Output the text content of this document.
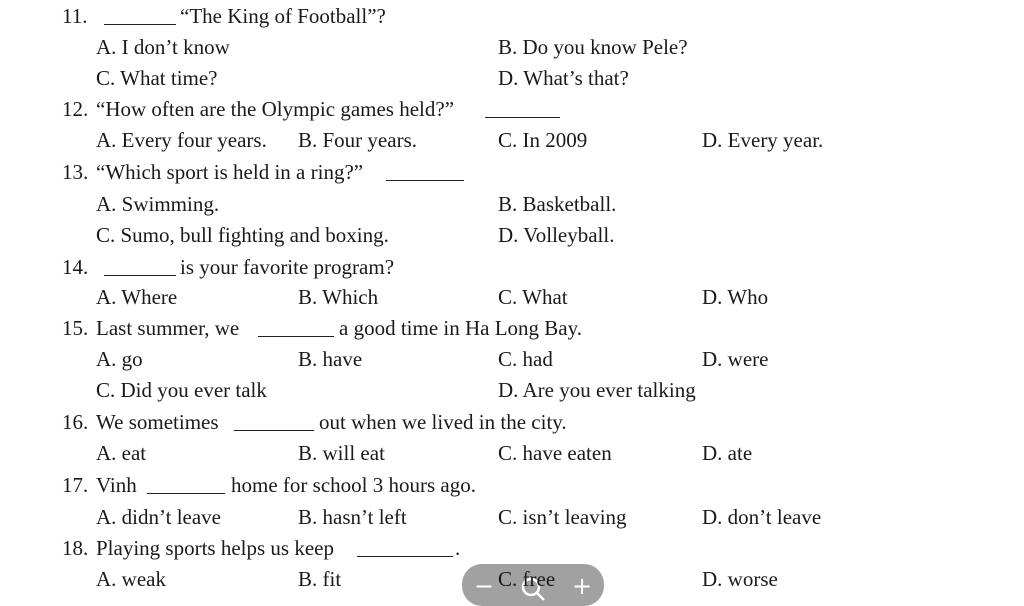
11.	“The King of Football”?
A. I don’t know	B. Do you know Pele?
C. What time?	D. What’s that?
12. “How often are the Olympic games held?”
A. Every four years. B. Four years.	C. In 2009	D. Every year.
13. “Which sport is held in a ring?”
A. Swimming.	B. Basketball.
C. Sumo, bull fighting and boxing.	D. Volleyball.
14.	is your favorite program?
A. Where	B. Which	C. What	D. Who
15. Last summer, we	a good time in Ha Long Bay.
A. go	B. have	C. had	D. were
C. Did you ever talk	D. Are you ever talking
16. We sometimes	out when we lived in the city.
A. eat	B. will eat	C. have eaten	D. ate
17. Vinh	home for school 3 hours ago.
A. didn’t leave	B. hasn’t left	C. isn’t leaving	D. don’t leave
18. Playing sports helps us keep	.
A. weak	B. fit	C. free	D. worse
−	+
